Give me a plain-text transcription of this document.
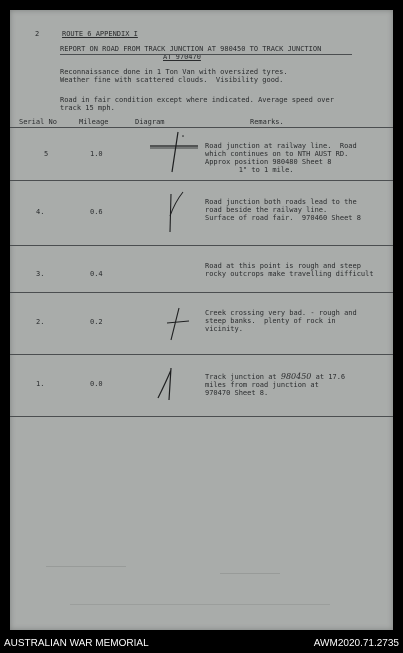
2	ROUTE 6 APPENDIX I
REPORT ON ROAD FROM TRACK JUNCTION AT 980450 TO TRACK JUNCTION
AT 970470
Reconnaissance done in 1 Ton Van with oversized tyres.
Weather fine with scattered clouds.  Visibility good.
Road in fair condition except where indicated. Average speed over
track 15 mph.
Serial No	Mileage	Diagram	Remarks.
5	1.0
Road junction at railway line.  Road
which continues on to NTH AUST RD.
Approx position 980480 Sheet 8
1" to 1 mile.
4.	0.6
Road junction both roads lead to the
road beside the railway line.
Surface of road fair.  970460 Sheet 8
3.	0.4
Road at this point is rough and steep
rocky outcrops make travelling difficult
2.	0.2
Creek crossing very bad. - rough and
steep banks.  plenty of rock in
vicinity.
1.	0.0
Track junction at 980450 at 17.6
miles from road junction at
970470 Sheet 8.
AUSTRALIAN WAR MEMORIAL	AWM2020.71.2735
